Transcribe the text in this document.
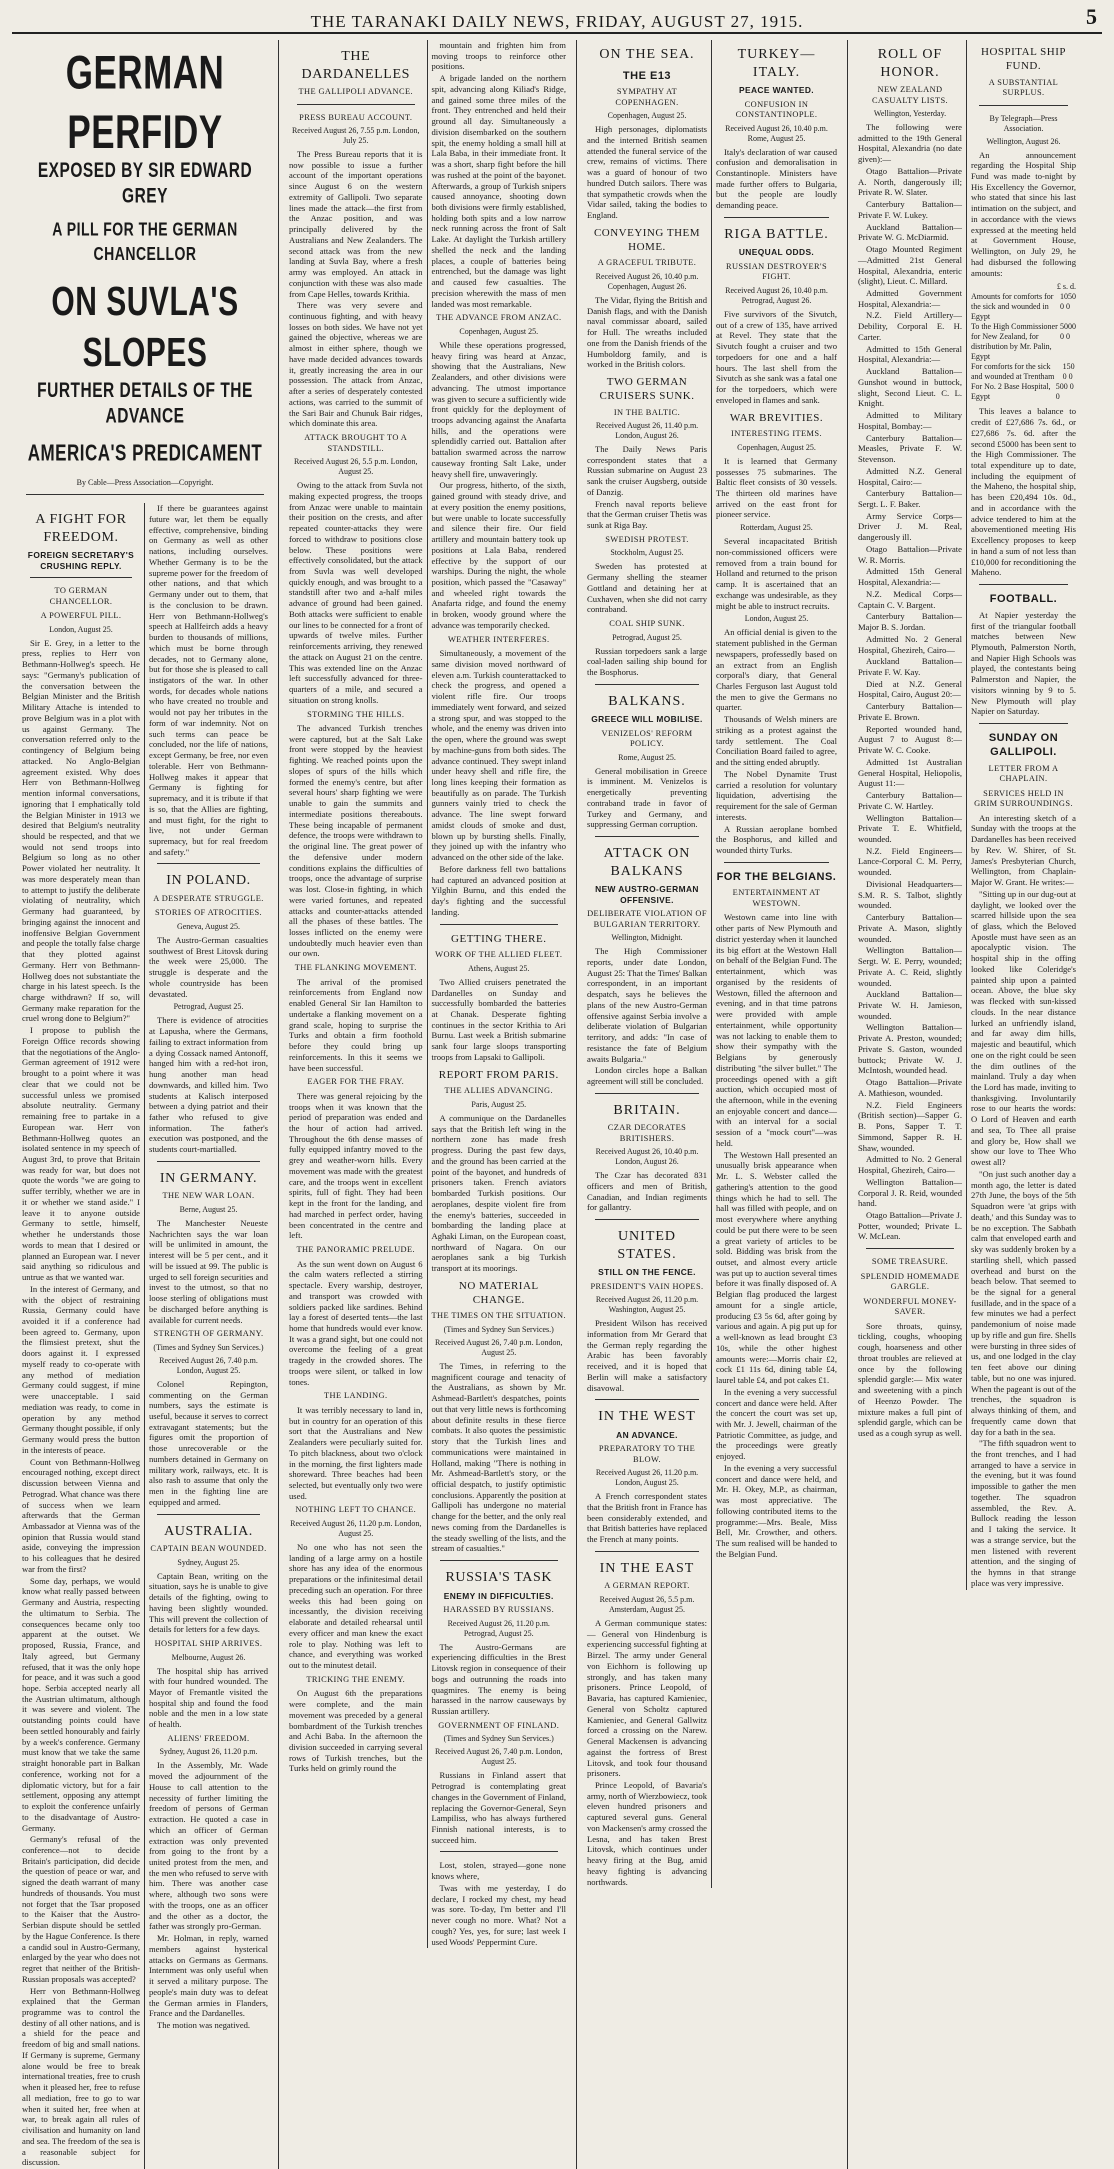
THE TARANAKI DAILY NEWS, FRIDAY, AUGUST 27, 1915.	5
GERMAN PERFIDY
EXPOSED BY SIR EDWARD GREY
A PILL FOR THE GERMAN CHANCELLOR
ON SUVLA'S SLOPES
FURTHER DETAILS OF THE ADVANCE
AMERICA'S PREDICAMENT
By Cable—Press Association—Copyright.
A FIGHT FOR FREEDOM.
FOREIGN SECRETARY'S CRUSHING REPLY.
TO GERMAN CHANCELLOR.
A POWERFUL PILL.
London, August 25.

Sir E. Grey, in a letter to the press, replies to Herr von Bethmann-Hollweg's speech. He says: "Germany's publication of the conversation between the Belgian Minister and the British Military Attache is intended to prove Belgium was in a plot with us against Germany. The conversation referred only to the contingency of Belgium being attacked. No Anglo-Belgian agreement existed. Why does Herr von Bethmann-Hollweg mention informal conversations, ignoring that I emphatically told the Belgian Minister in 1913 we desired that Belgium's neutrality should be respected, and that we would not send troops into Belgium so long as no other Power violated her neutrality. It was more desperately mean than to attempt to justify the deliberate violating of neutrality, which Germany had guaranteed, by bringing against the innocent and inoffensive Belgian Government and people the totally false charge that they plotted against Germany. Herr von Bethmann-Hollweg does not substantiate the charge in his latest speech. Is the charge withdrawn? If so, will Germany make reparation for the cruel wrong done to Belgium?"

I propose to publish the Foreign Office records showing that the negotiations of the Anglo-German agreement of 1912 were brought to a point where it was clear that we could not be successful unless we promised absolute neutrality. Germany remaining free to partake in a European war. Herr von Bethmann-Hollweg quotes an isolated sentence in my speech of August 3rd, to prove that Britain was ready for war, but does not quote the words "we are going to suffer terribly, whether we are in it or whether we stand aside." I leave it to anyone outside Germany to settle, himself, whether he understands those words to mean that I desired or planned an European war. I never said anything so ridiculous and untrue as that we wanted war.

In the interest of Germany, and with the object of restraining Russia, Germany could have avoided it if a conference had been agreed to. Germany, upon the flimsiest pretext, shut the doors against it. I expressed myself ready to co-operate with any method of mediation Germany could suggest, if mine were unacceptable. I said mediation was ready, to come in operation by any method Germany thought possible, if only Germany would press the button in the interests of peace.

Count von Bethmann-Hollweg encouraged nothing, except direct discussion between Vienna and Petrograd. What chance was there of success when we learn afterwards that the German Ambassador at Vienna was of the opinion that Russia would stand aside, conveying the impression to his colleagues that he desired war from the first?

Some day, perhaps, we would know what really passed between Germany and Austria, respecting the ultimatum to Serbia. The consequences became only too apparent at the outset. We proposed, Russia, France, and Italy agreed, but Germany refused, that it was the only hope for peace, and it was such a good hope. Serbia accepted nearly all the Austrian ultimatum, although it was severe and violent. The outstanding points could have been settled honourably and fairly by a week's conference. Germany must know that we take the same straight honorable part in Balkan conference, working not for a diplomatic victory, but for a fair settlement, opposing any attempt to exploit the conference unfairly to the disadvantage of Austro-Germany.

Germany's refusal of the conference—not to decide Britain's participation, did decide the question of peace or war, and signed the death warrant of many hundreds of thousands. You must not forget that the Tsar proposed to the Kaiser that the Austro-Serbian dispute should be settled by the Hague Conference. Is there a candid soul in Austro-Germany, enlarged by the year who does not regret that neither of the British-Russian proposals was accepted?

Herr von Bethmann-Hollweg explained that the German programme was to control the destiny of all other nations, and is a shield for the peace and freedom of big and small nations. If Germany is supreme, Germany alone would be free to break international treaties, free to crush when it pleased her, free to refuse all mediation, free to go to war when it suited her, free when at war, to break again all rules of civilisation and humanity on land and sea. The freedom of the sea is a reasonable subject for discussion.

If there be guarantees against future war, let them be equally effective, comprehensive, binding on Germany as well as other nations, including ourselves. Whether Germany is to be the supreme power for the freedom of other nations, and that which Germany under out to them, that is the conclusion to be drawn. Herr von Bethmann-Hollweg's speech at Hallfeirch adds a heavy burden to thousands of millions, which must be borne through decades, not to Germany alone, but for those she is pleased to call instigators of the war. In other words, for decades whole nations who have created no trouble and would not pay her tributes in the form of war indemnity. Not on such terms can peace be concluded, nor the life of nations, except Germany, be free, nor even tolerable. Herr von Bethmann-Hollweg makes it appear that Germany is fighting for supremacy, and it is tribute if that is so, that the Allies are fighting, and must fight, for the right to live, not under German supremacy, but for real freedom and safety."

IN POLAND.
A DESPERATE STRUGGLE.
STORIES OF ATROCITIES.
Geneva, August 25.

The Austro-German casualties southwest of Brest Litovsk during the week were 25,000. The struggle is desperate and the whole countryside has been devastated.

Petrograd, August 25.

There is evidence of atrocities at Lapusha, where the Germans, failing to extract information from a dying Cossack named Antonoff, hanged him with a red-hot iron, hung another man head downwards, and killed him. Two students at Kalisch interposed between a dying patriot and their father who refused to give information. The father's execution was postponed, and the students court-martialled.

IN GERMANY.
THE NEW WAR LOAN.
Berne, August 25.

The Manchester Neueste Nachrichten says the war loan will be unlimited in amount, the interest will be 5 per cent., and it will be issued at 99. The public is urged to sell foreign securities and invest to the utmost, so that no loose sterling of obligations must be discharged before anything is available for current needs.

STRENGTH OF GERMANY.
(Times and Sydney Sun Services.)
Received August 26, 7.40 p.m. London, August 25.

Colonel Repington, commenting on the German numbers, says the estimate is useful, because it serves to correct extravagant statements; but the figures omit the proportion of those unrecoverable or the numbers detained in Germany on military work, railways, etc. It is also rash to assume that only the men in the fighting line are equipped and armed.

AUSTRALIA.
CAPTAIN BEAN WOUNDED.
Sydney, August 25.

Captain Bean, writing on the situation, says he is unable to give details of the fighting, owing to having been slightly wounded. This will prevent the collection of details for letters for a few days.

HOSPITAL SHIP ARRIVES.
Melbourne, August 26.

The hospital ship has arrived with four hundred wounded. The Mayor of Fremantle visited the hospital ship and found the food noble and the men in a low state of health.

ALIENS' FREEDOM.
Sydney, August 26, 11.20 p.m.

In the Assembly, Mr. Wade moved the adjournment of the House to call attention to the necessity of further limiting the freedom of persons of German extraction. He quoted a case in which an officer of German extraction was only prevented from going to the front by a united protest from the men, and the men who refused to serve with him. There was another case where, although two sons were with the troops, one as an officer and the other as a doctor, the father was strongly pro-German.

Mr. Holman, in reply, warned members against hysterical attacks on Germans as Germans. Internment was only useful when it served a military purpose. The people's main duty was to defeat the German armies in Flanders, France and the Dardanelles.

The motion was negatived.

THE DARDANELLES
THE GALLIPOLI ADVANCE.
PRESS BUREAU ACCOUNT.
Received August 26, 7.55 p.m. London, July 25.

The Press Bureau reports that it is now possible to issue a further account of the important operations since August 6 on the western extremity of Gallipoli. Two separate lines made the attack—the first from the Anzac position, and was principally delivered by the Australians and New Zealanders. The second attack was from the new landing at Suvla Bay, where a fresh army was employed. An attack in conjunction with these was also made from Cape Helles, towards Krithia.

There was very severe and continuous fighting, and with heavy losses on both sides. We have not yet gained the objective, whereas we are almost in either sphere, though we have made decided advances towards it, greatly increasing the area in our possession. The attack from Anzac, after a series of desperately contested actions, was carried to the summit of the Sari Bair and Chunuk Bair ridges, which dominate this area.

ATTACK BROUGHT TO A STANDSTILL.
Received August 26, 5.5 p.m. London, August 25.

Owing to the attack from Suvla not making expected progress, the troops from Anzac were unable to maintain their position on the crests, and after repeated counter-attacks they were forced to withdraw to positions close below. These positions were effectively consolidated, but the attack from Suvla was well developed quickly enough, and was brought to a standstill after two and a-half miles advance of ground had been gained. Both attacks were sufficient to enable our lines to be connected for a front of upwards of twelve miles. Further reinforcements arriving, they renewed the attack on August 21 on the centre. This was extended line on the Anzac left successfully advanced for three-quarters of a mile, and secured a situation on strong knolls.

STORMING THE HILLS.

The advanced Turkish trenches were captured, but at the Salt Lake front were stopped by the heaviest fighting. We reached points upon the slopes of spurs of the hills which formed the enemy's centre, but after several hours' sharp fighting we were unable to gain the summits and intermediate positions thereabouts. These being incapable of permanent defence, the troops were withdrawn to the original line. The great power of the defensive under modern conditions explains the difficulties of troops, once the advantage of surprise was lost. Close-in fighting, in which were varied fortunes, and repeated attacks and counter-attacks attended all the phases of these battles. The losses inflicted on the enemy were undoubtedly much heavier even than our own.

THE FLANKING MOVEMENT.

The arrival of the promised reinforcements from England now enabled General Sir Ian Hamilton to undertake a flanking movement on a grand scale, hoping to surprise the Turks and obtain a firm foothold before they could bring up reinforcements. In this it seems we have been successful.

EAGER FOR THE FRAY.

There was general rejoicing by the troops when it was known that the period of preparation was ended and the hour of action had arrived. Throughout the 6th dense masses of fully equipped infantry moved to the grey and weather-worn hills. Every movement was made with the greatest care, and the troops went in excellent spirits, full of fight. They had been kept in the front for the landing, and had marched in perfect order, having been concentrated in the centre and left.

THE PANORAMIC PRELUDE.

As the sun went down on August 6 the calm waters reflected a stirring spectacle. Every warship, destroyer, and transport was crowded with soldiers packed like sardines. Behind lay a forest of deserted tents—the last home that hundreds would ever know. It was a grand sight, but one could not overcome the feeling of a great tragedy in the crowded shores. The troops were silent, or talked in low tones.

THE LANDING.

It was terribly necessary to land in, but in country for an operation of this sort that the Australians and New Zealanders were peculiarly suited for. To pitch blackness, about two o'clock in the morning, the first lighters made shoreward. Three beaches had been selected, but eventually only two were used.

NOTHING LEFT TO CHANCE.
Received August 26, 11.20 p.m. London, August 25.

No one who has not seen the landing of a large army on a hostile shore has any idea of the enormous preparations or the infinitesimal detail preceding such an operation. For three weeks this had been going on incessantly, the division receiving elaborate and detailed rehearsal until every officer and man knew the exact role to play. Nothing was left to chance, and everything was worked out to the minutest detail.

TRICKING THE ENEMY.

On August 6th the preparations were complete, and the main movement was preceded by a general bombardment of the Turkish trenches and Achi Baba. In the afternoon the division succeeded in carrying several rows of Turkish trenches, but the Turks held on grimly round the

mountain and frighten him from moving troops to reinforce other positions.

A brigade landed on the northern spit, advancing along Kiliad's Ridge, and gained some three miles of the front. They entrenched and held their ground all day. Simultaneously a division disembarked on the southern spit, the enemy holding a small hill at Lala Baba, in their immediate front. It was a short, sharp fight before the hill was rushed at the point of the bayonet. Afterwards, a group of Turkish snipers caused annoyance, shooting down both divisions were firmly established, holding both spits and a low narrow neck running across the front of Salt Lake. At daylight the Turkish artillery shelled the neck and the landing places, a couple of batteries being entrenched, but the damage was light and caused few casualties. The precision wherewith the mass of men landed was most remarkable.

THE ADVANCE FROM ANZAC.
Copenhagen, August 25.

While these operations progressed, heavy firing was heard at Anzac, showing that the Australians, New Zealanders, and other divisions were advancing. The utmost importance was given to secure a sufficiently wide front quickly for the deployment of troops advancing against the Anafarta hills, and the operations were splendidly carried out. Battalion after battalion swarmed across the narrow causeway fronting Salt Lake, under heavy shell fire, unwaveringly.

Our progress, hitherto, of the sixth, gained ground with steady drive, and at every position the enemy positions, but were unable to locate successfully and silence their fire. Our field artillery and mountain battery took up positions at Lala Baba, rendered effective by the support of our warships. During the night, the whole position, which passed the "Casaway" and wheeled right towards the Anafarta ridge, and found the enemy in broken, woody ground where the advance was temporarily checked.

WEATHER INTERFERES.

Simultaneously, a movement of the same division moved northward of eleven a.m. Turkish counterattacked to check the progress, and opened a violent rifle fire. Our troops immediately went forward, and seized a strong spur, and was stopped to the whole, and the enemy was driven into the open, where the ground was swept by machine-guns from both sides. The advance continued. They swept inland under heavy shell and rifle fire, the long lines keeping their formation as beautifully as on parade. The Turkish gunners vainly tried to check the advance. The line swept forward amidst clouds of smoke and dust, blown up by bursting shells. Finally, they joined up with the infantry who advanced on the other side of the lake.

Before darkness fell two battalions had captured an advanced position at Yilghin Burnu, and this ended the day's fighting and the successful landing.

GETTING THERE.
WORK OF THE ALLIED FLEET.
Athens, August 25.

Two Allied cruisers penetrated the Dardanelles on Sunday and successfully bombarded the batteries at Chanak. Desperate fighting continues in the sector Krithia to Ari Burnu. Last week a British submarine sank four large sloops transporting troops from Lapsaki to Gallipoli.

REPORT FROM PARIS.
THE ALLIES ADVANCING.
Paris, August 25.

A communique on the Dardanelles says that the British left wing in the northern zone has made fresh progress. During the past few days, and the ground has been carried at the point of the bayonet, and hundreds of prisoners taken. French aviators bombarded Turkish positions. Our aeroplanes, despite violent fire from the enemy's batteries, succeeded in bombarding the landing place at Aghaki Liman, on the European coast, northward of Nagara. On our aeroplanes sank a big Turkish transport at its moorings.

NO MATERIAL CHANGE.
THE TIMES ON THE SITUATION.
(Times and Sydney Sun Services.)
Received August 26, 7.40 p.m. London, August 25.

The Times, in referring to the magnificent courage and tenacity of the Australians, as shown by Mr. Ashmead-Bartlett's despatches, points out that very little news is forthcoming about definite results in these fierce combats. It also quotes the pessimistic story that the Turkish lines and communications were maintained in Holland, making "There is nothing in Mr. Ashmead-Bartlett's story, or the official despatch, to justify optimistic conclusions. Apparently the position at Gallipoli has undergone no material change for the better, and the only real news coming from the Dardanelles is the steady swelling of the lists, and the stream of casualties."

RUSSIA'S TASK
ENEMY IN DIFFICULTIES.
HARASSED BY RUSSIANS.
Received August 26, 11.20 p.m. Petrograd, August 25.

The Austro-Germans are experiencing difficulties in the Brest Litovsk region in consequence of their bogs and outrunning the roads into quagmires. The enemy is being harassed in the narrow causeways by Russian artillery.

GOVERNMENT OF FINLAND.
(Times and Sydney Sun Services.)
Received August 26, 7.40 p.m. London, August 25.

Russians in Finland assert that Petrograd is contemplating great changes in the Government of Finland, replacing the Governor-General, Seyn Lampiliss, who has always furthered Finnish national interests, is to succeed him.

Lost, stolen, strayed—gone none knows where,

Twas with me yesterday, I do declare, I rocked my chest, my head was sore. To-day, I'm better and I'll never cough no more. What? Not a cough? Yes, yes, for sure; last week I used Woods' Peppermint Cure.

ON THE SEA.
THE E13
SYMPATHY AT COPENHAGEN.
Copenhagen, August 25.

High personages, diplomatists and the interned British seamen attended the funeral service of the crew, remains of victims. There was a guard of honour of two hundred Dutch sailors. There was that sympathetic crowds when the Vidar sailed, taking the bodies to England.

CONVEYING THEM HOME.
A GRACEFUL TRIBUTE.
Received August 26, 10.40 p.m. Copenhagen, August 26.

The Vidar, flying the British and Danish flags, and with the Danish naval commissar aboard, sailed for Hull. The wreaths included one from the Danish friends of the Humboldorg family, and is worked in the British colors.

TWO GERMAN CRUISERS SUNK.
IN THE BALTIC.
Received August 26, 11.40 p.m. London, August 26.

The Daily News Paris correspondent states that a Russian submarine on August 23 sank the cruiser Augsberg, outside of Danzig.

French naval reports believe that the German cruiser Thetis was sunk at Riga Bay.

SWEDISH PROTEST.
Stockholm, August 25.

Sweden has protested at Germany shelling the steamer Gottland and detaining her at Cuxhaven, when she did not carry contraband.

COAL SHIP SUNK.
Petrograd, August 25.

Russian torpedoers sank a large coal-laden sailing ship bound for the Bosphorus.

BALKANS.
GREECE WILL MOBILISE.
VENIZELOS' REFORM POLICY.
Rome, August 25.

General mobilisation in Greece is imminent. M. Venizelos is energetically preventing contraband trade in favor of Turkey and Germany, and suppressing German corruption.

ATTACK ON BALKANS
NEW AUSTRO-GERMAN OFFENSIVE.
DELIBERATE VIOLATION OF BULGARIAN TERRITORY.
Wellington, Midnight.

The High Commissioner reports, under date London, August 25: That the Times' Balkan correspondent, in an important despatch, says he believes the plans of the new Austro-German offensive against Serbia involve a deliberate violation of Bulgarian territory, and adds: "In case of resistance the fate of Belgium awaits Bulgaria."

London circles hope a Balkan agreement will still be concluded.

BRITAIN.
CZAR DECORATES BRITISHERS.
Received August 26, 10.40 p.m. London, August 26.

The Czar has decorated 831 officers and men of British, Canadian, and Indian regiments for gallantry.

UNITED STATES.
STILL ON THE FENCE.
PRESIDENT'S VAIN HOPES.
Received August 26, 11.20 p.m. Washington, August 25.

President Wilson has received information from Mr Gerard that the German reply regarding the Arabic has been favorably received, and it is hoped that Berlin will make a satisfactory disavowal.

IN THE WEST
AN ADVANCE.
PREPARATORY TO THE BLOW.
Received August 26, 11.20 p.m. London, August 25.

A French correspondent states that the British front in France has been considerably extended, and that British batteries have replaced the French at many points.

IN THE EAST
A GERMAN REPORT.
Received August 26, 5.5 p.m. Amsterdam, August 25.

A German communique states:— General von Hindenburg is experiencing successful fighting at Birzel. The army under General von Eichhorn is following up strongly, and has taken many prisoners. Prince Leopold, of Bavaria, has captured Kamieniec, General von Scholtz captured Kamieniec, and General Gallwitz forced a crossing on the Narew. General Mackensen is advancing against the fortress of Brest Litovsk, and took four thousand prisoners.

Prince Leopold, of Bavaria's army, north of Wierzbowiecz, took eleven hundred prisoners and captured several guns. General von Mackensen's army crossed the Lesna, and has taken Brest Litovsk, which continues under heavy firing at the Bug, amid heavy fighting is advancing northwards.

TURKEY—ITALY.
PEACE WANTED.
CONFUSION IN CONSTANTINOPLE.
Received August 26, 10.40 p.m. Rome, August 25.

Italy's declaration of war caused confusion and demoralisation in Constantinople. Ministers have made further offers to Bulgaria, but the people are loudly demanding peace.

RIGA BATTLE.
UNEQUAL ODDS.
RUSSIAN DESTROYER'S FIGHT.
Received August 26, 10.40 p.m. Petrograd, August 26.

Five survivors of the Sivutch, out of a crew of 135, have arrived at Revel. They state that the Sivutch fought a cruiser and two torpedoers for one and a half hours. The last shell from the Sivutch as she sank was a fatal one for the torpedoers, which were enveloped in flames and sank.

WAR BREVITIES.
INTERESTING ITEMS.
Copenhagen, August 25.

It is learned that Germany possesses 75 submarines. The Baltic fleet consists of 30 vessels. The thirteen old marines have arrived on the east front for pioneer service.

Rotterdam, August 25.

Several incapacitated British non-commissioned officers were removed from a train bound for Holland and returned to the prison camp. It is ascertained that an exchange was undesirable, as they might be able to instruct recruits.

London, August 25.

An official denial is given to the statement published in the German newspapers, professedly based on an extract from an English corporal's diary, that General Charles Ferguson last August told the men to give the Germans no quarter.

Thousands of Welsh miners are striking as a protest against the tardy settlement. The Coal Conciliation Board failed to agree, and the sitting ended abruptly.

The Nobel Dynamite Trust carried a resolution for voluntary liquidation, advertising the requirement for the sale of German interests.

A Russian aeroplane bombed the Bosphorus, and killed and wounded thirty Turks.

FOR THE BELGIANS.
ENTERTAINMENT AT WESTOWN.

Westown came into line with other parts of New Plymouth and district yesterday when it launched its big effort at the Westown Hall on behalf of the Belgian Fund. The entertainment, which was organised by the residents of Westown, filled the afternoon and evening, and in that time patrons were provided with ample entertainment, while opportunity was not lacking to enable them to show their sympathy with the Belgians by generously distributing "the silver bullet." The proceedings opened with a gift auction, which occupied most of the afternoon, while in the evening an enjoyable concert and dance—with an interval for a social session of a "mock court"—was held.

The Westown Hall presented an unusually brisk appearance when Mr. L. S. Webster called the gathering's attention to the good things which he had to sell. The hall was filled with people, and on most everywhere where anything could be put there were to be seen a great variety of articles to be sold. Bidding was brisk from the outset, and almost every article was put up to auction several times before it was finally disposed of. A Belgian flag produced the largest amount for a single article, producing £3 5s 6d, after going by various and again. A pig put up for a well-known as lead brought £3 10s, while the other highest amounts were:—Morris chair £2, cock £1 11s 6d, dining table £4, laurel table £4, and pot cakes £1.

In the evening a very successful concert and dance were held. After the concert the court was set up, with Mr. J. Jewell, chairman of the Patriotic Committee, as judge, and the proceedings were greatly enjoyed.

In the evening a very successful concert and dance were held, and Mr. H. Okey, M.P., as chairman, was most appreciative. The following contributed items to the programme:—Mrs. Beale, Miss Bell, Mr. Crowther, and others. The sum realised will be handed to the Belgian Fund.

ROLL OF HONOR.
NEW ZEALAND CASUALTY LISTS.
Wellington, Yesterday.

The following were admitted to the 19th General Hospital, Alexandria (no date given):—

Otago Battalion—Private A. North, dangerously ill; Private R. W. Slater.

Canterbury Battalion—Private F. W. Lukey.

Auckland Battalion—Private W. G. McDiarmid.

Otago Mounted Regiment—Admitted 21st General Hospital, Alexandria, enteric (slight), Lieut. C. Millard.

Admitted Government Hospital, Alexandria:—

N.Z. Field Artillery—Debility, Corporal E. H. Carter.

Admitted to 15th General Hospital, Alexandria:—

Auckland Battalion—Gunshot wound in buttock, slight, Second Lieut. C. L. Knight.

Admitted to Military Hospital, Bombay:—

Canterbury Battalion—Measles, Private F. W. Stevenson.

Admitted N.Z. General Hospital, Cairo:—

Canterbury Battalion—Sergt. L. F. Baker.

Army Service Corps—Driver J. M. Real, dangerously ill.

Otago Battalion—Private W. R. Morris.

Admitted 15th General Hospital, Alexandria:—

N.Z. Medical Corps—Captain C. V. Bargent.

Canterbury Battalion—Major B. S. Jordan.

Admitted No. 2 General Hospital, Ghezireh, Cairo—

Auckland Battalion—Private F. W. Kay.

Died at N.Z. General Hospital, Cairo, August 20:—

Canterbury Battalion—Private E. Brown.

Reported wounded hand, August 7 to August 8:—Private W. C. Cooke.

Admitted 1st Australian General Hospital, Heliopolis, August 11:—

Canterbury Battalion—Private C. W. Hartley.

Wellington Battalion—Private T. E. Whitfield, wounded.

N.Z. Field Engineers—Lance-Corporal C. M. Perry, wounded.

Divisional Headquarters—S.M. R. S. Talbot, slightly wounded.

Canterbury Battalion—Private A. Mason, slightly wounded.

Wellington Battalion—Sergt. W. E. Perry, wounded; Private A. C. Reid, slightly wounded.

Auckland Battalion—Private W. H. Jamieson, wounded.

Wellington Battalion—Private A. Preston, wounded; Private S. Gaston, wounded buttock; Private W. J. McIntosh, wounded head.

Otago Battalion—Private A. Mathieson, wounded.

N.Z. Field Engineers (British section)—Sapper G. B. Pons, Sapper T. T. Simmond, Sapper R. H. Shaw, wounded.

Admitted to No. 2 General Hospital, Ghezireh, Cairo—

Wellington Battalion—Corporal J. R. Reid, wounded hand.

Otago Battalion—Private J. Potter, wounded; Private L. W. McLean.

SOME TREASURE.
SPLENDID HOMEMADE GARGLE.
WONDERFUL MONEY-SAVER.

Sore throats, quinsy, tickling, coughs, whooping cough, hoarseness and other throat troubles are relieved at once by the following splendid gargle:— Mix water and sweetening with a pinch of Heenzo Powder. The mixture makes a full pint of splendid gargle, which can be used as a cough syrup as well.

HOSPITAL SHIP FUND.
A SUBSTANTIAL SURPLUS.
By Telegraph—Press Association.
Wellington, August 26.

An announcement regarding the Hospital Ship Fund was made to-night by His Excellency the Governor, who stated that since his last intimation on the subject, and in accordance with the views expressed at the meeting held at Government House, Wellington, on July 29, he had disbursed the following amounts:

£ s. d.
Amounts for comforts for the sick and wounded in Egypt
1050 0 0
To the High Commissioner for New Zealand, for distribution by Mr. Palin, Egypt
5000 0 0
For comforts for the sick and wounded at Trentham
150 0 0
For No. 2 Base Hospital, Egypt
500 0 0

This leaves a balance to credit of £27,686 7s. 6d., or £27,686 7s. 6d. after the second £5000 has been sent to the High Commissioner. The total expenditure up to date, including the equipment of the Maheno, the hospital ship, has been £20,494 10s. 0d., and in accordance with the advice tendered to him at the abovementioned meeting His Excellency proposes to keep in hand a sum of not less than £10,000 for reconditioning the Maheno.

FOOTBALL.

At Napier yesterday the first of the triangular football matches between New Plymouth, Palmerston North, and Napier High Schools was played, the contestants being Palmerston and Napier, the visitors winning by 9 to 5. New Plymouth will play Napier on Saturday.

SUNDAY ON GALLIPOLI.
LETTER FROM A CHAPLAIN.
SERVICES HELD IN GRIM SURROUNDINGS.

An interesting sketch of a Sunday with the troops at the Dardanelles has been received by Rev. W. Shirer, of St. James's Presbyterian Church, Wellington, from Chaplain-Major W. Grant. He writes:—

"Sitting up in our dug-out at daylight, we looked over the scarred hillside upon the sea of glass, which the Beloved Apostle must have seen as an apocalyptic vision. The hospital ship in the offing looked like Coleridge's painted ship upon a painted ocean. Above, the blue sky was flecked with sun-kissed clouds. In the near distance lurked an unfriendly island, and far away dim hills, majestic and beautiful, which one on the right could be seen the dim outlines of the mainland. Truly a day when the Lord has made, inviting to thanksgiving. Involuntarily rose to our hearts the words: O Lord of Heaven and earth and sea, To Thee all praise and glory be, How shall we show our love to Thee Who owest all?

"On just such another day a month ago, the letter is dated 27th June, the boys of the 5th Squadron were 'at grips with death,' and this Sunday was to be no exception. The Sabbath calm that enveloped earth and sky was suddenly broken by a startling shell, which passed overhead and burst on the beach below. That seemed to be the signal for a general fusillade, and in the space of a few minutes we had a perfect pandemonium of noise made up by rifle and gun fire. Shells were bursting in three sides of us, and one lodged in the clay ten feet above our dining table, but no one was injured. When the pageant is out of the trenches, the squadron is always thinking of them, and frequently came down that day for a bath in the sea.

"The fifth squadron went to the front trenches, and I had arranged to have a service in the evening, but it was found impossible to gather the men together. The squadron assembled, the Rev. A. Bullock reading the lesson and I taking the service. It was a strange service, but the men listened with reverent attention, and the singing of the hymns in that strange place was very impressive.
